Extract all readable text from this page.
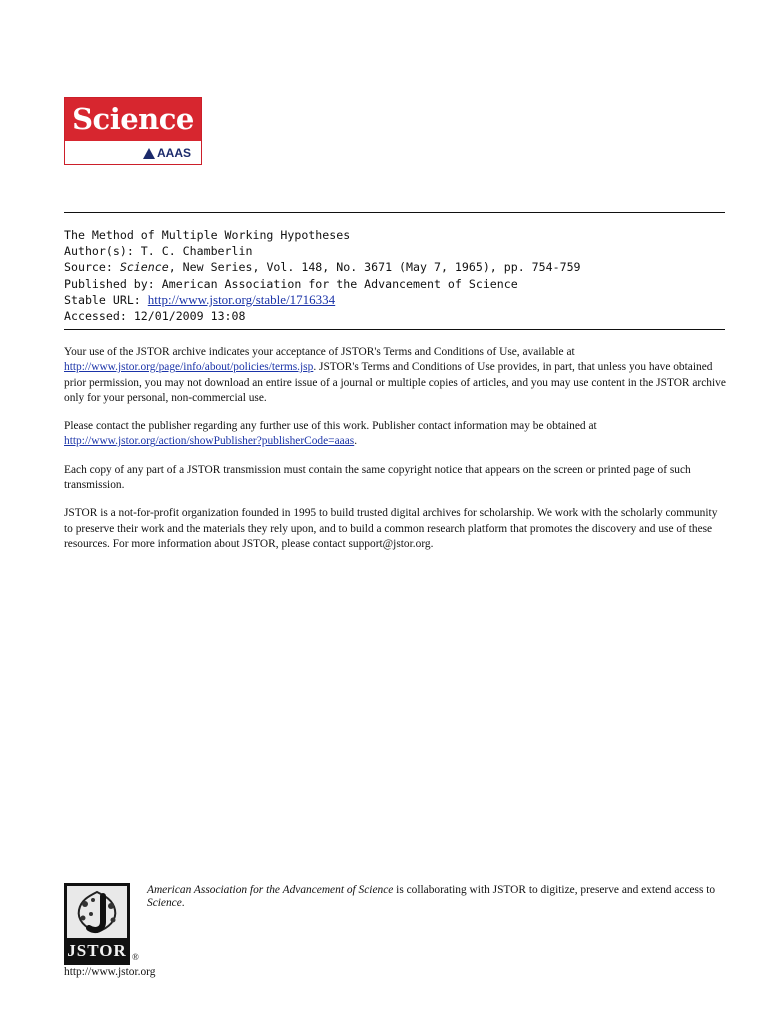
Science
AAAS
The Method of Multiple Working Hypotheses
Author(s): T. C. Chamberlin
Source: Science, New Series, Vol. 148, No. 3671 (May 7, 1965), pp. 754-759
Published by: American Association for the Advancement of Science
Stable URL: http://www.jstor.org/stable/1716334
Accessed: 12/01/2009 13:08

Your use of the JSTOR archive indicates your acceptance of JSTOR's Terms and Conditions of Use, available at http://www.jstor.org/page/info/about/policies/terms.jsp. JSTOR's Terms and Conditions of Use provides, in part, that unless you have obtained prior permission, you may not download an entire issue of a journal or multiple copies of articles, and you may use content in the JSTOR archive only for your personal, non-commercial use.

Please contact the publisher regarding any further use of this work. Publisher contact information may be obtained at http://www.jstor.org/action/showPublisher?publisherCode=aaas.

Each copy of any part of a JSTOR transmission must contain the same copyright notice that appears on the screen or printed page of such transmission.

JSTOR is a not-for-profit organization founded in 1995 to build trusted digital archives for scholarship. We work with the scholarly community to preserve their work and the materials they rely upon, and to build a common research platform that promotes the discovery and use of these resources. For more information about JSTOR, please contact support@jstor.org.

JSTOR ®
http://www.jstor.org
American Association for the Advancement of Science is collaborating with JSTOR to digitize, preserve and extend access to Science.
